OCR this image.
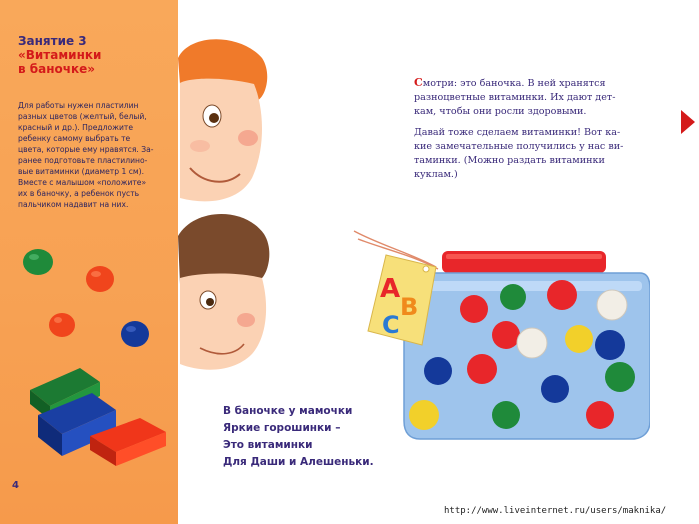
Занятие 3
«Витаминки
в баночке»
Для работы нужен пластилин
разных цветов (желтый, белый,
красный и др.). Предложите
ребенку самому выбрать те
цвета, которые ему нравятся. За-
ранее подготовьте пластилино-
вые витаминки (диаметр 1 см).
Вместе с малышом «положите»
их в баночку, а ребенок пусть
пальчиком надавит на них.
4

Смотри: это баночка. В ней хранятся
разноцветные витаминки. Их дают дет-
кам, чтобы они росли здоровыми.

Давай тоже сделаем витаминки! Вот ка-
кие замечательные получились у нас ви-
таминки. (Можно раздать витаминки
куклам.)

A
B
C
В баночке у мамочки
Яркие горошинки –
Это витаминки
Для Даши и Алешеньки.
http://www.liveinternet.ru/users/maknika/
